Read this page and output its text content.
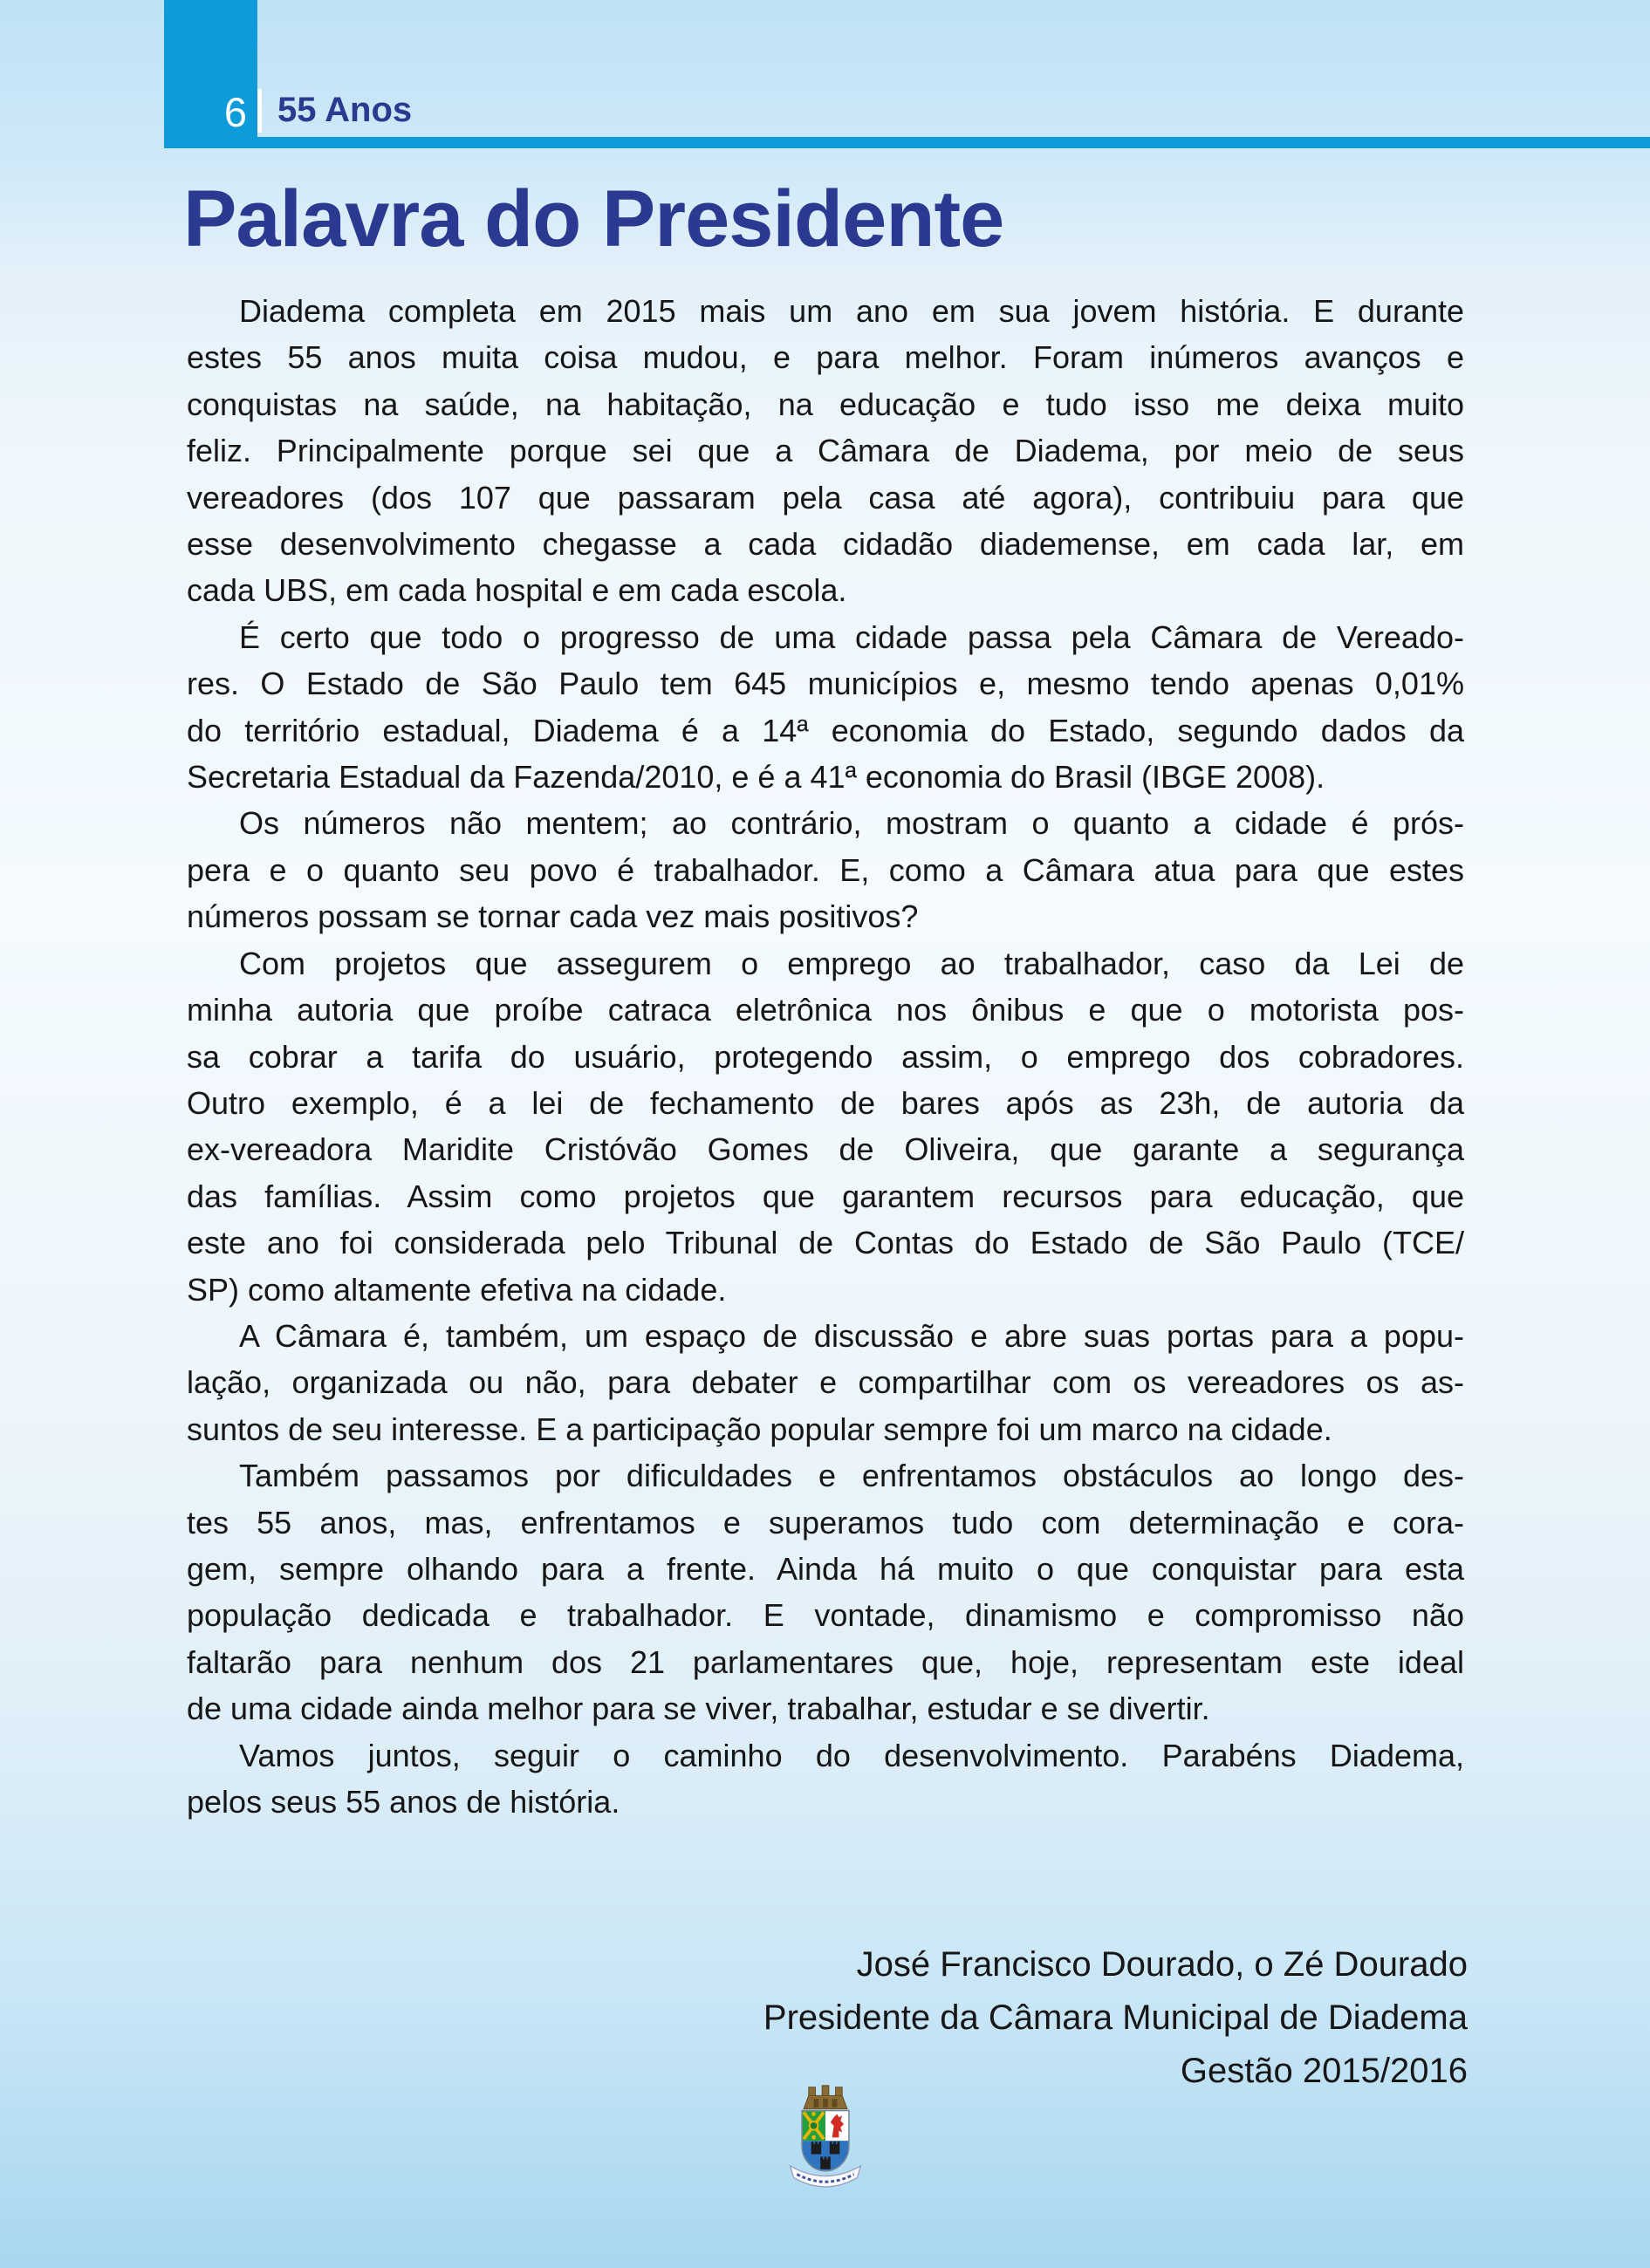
6 55 Anos
Palavra do Presidente
Diadema completa em 2015 mais um ano em sua jovem história. E durante
estes 55 anos muita coisa mudou, e para melhor. Foram inúmeros avanços e
conquistas na saúde, na habitação, na educação e tudo isso me deixa muito
feliz. Principalmente porque sei que a Câmara de Diadema, por meio de seus
vereadores (dos 107 que passaram pela casa até agora), contribuiu para que
esse desenvolvimento chegasse a cada cidadão diademense, em cada lar, em
cada UBS, em cada hospital e em cada escola.
É certo que todo o progresso de uma cidade passa pela Câmara de Vereado-
res. O Estado de São Paulo tem 645 municípios e, mesmo tendo apenas 0,01%
do território estadual, Diadema é a 14ª economia do Estado, segundo dados da
Secretaria Estadual da Fazenda/2010, e é a 41ª economia do Brasil (IBGE 2008).
Os números não mentem; ao contrário, mostram o quanto a cidade é prós-
pera e o quanto seu povo é trabalhador. E, como a Câmara atua para que estes
números possam se tornar cada vez mais positivos?
Com projetos que assegurem o emprego ao trabalhador, caso da Lei de
minha autoria que proíbe catraca eletrônica nos ônibus e que o motorista pos-
sa cobrar a tarifa do usuário, protegendo assim, o emprego dos cobradores.
Outro exemplo, é a lei de fechamento de bares após as 23h, de autoria da
ex-vereadora Maridite Cristóvão Gomes de Oliveira, que garante a segurança
das famílias. Assim como projetos que garantem recursos para educação, que
este ano foi considerada pelo Tribunal de Contas do Estado de São Paulo (TCE/
SP) como altamente efetiva na cidade.
A Câmara é, também, um espaço de discussão e abre suas portas para a popu-
lação, organizada ou não, para debater e compartilhar com os vereadores os as-
suntos de seu interesse. E a participação popular sempre foi um marco na cidade.
Também passamos por dificuldades e enfrentamos obstáculos ao longo des-
tes 55 anos, mas, enfrentamos e superamos tudo com determinação e cora-
gem, sempre olhando para a frente. Ainda há muito o que conquistar para esta
população dedicada e trabalhador. E vontade, dinamismo e compromisso não
faltarão para nenhum dos 21 parlamentares que, hoje, representam este ideal
de uma cidade ainda melhor para se viver, trabalhar, estudar e se divertir.
Vamos juntos, seguir o caminho do desenvolvimento. Parabéns Diadema,
pelos seus 55 anos de história.
José Francisco Dourado, o Zé Dourado
Presidente da Câmara Municipal de Diadema
Gestão 2015/2016
